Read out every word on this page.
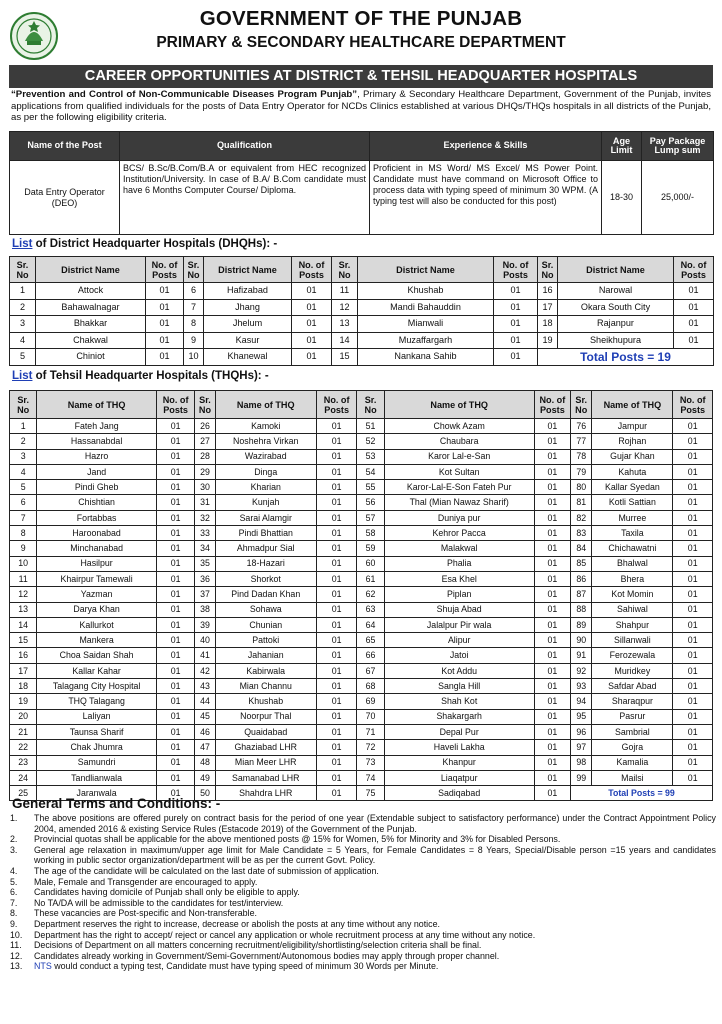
GOVERNMENT OF THE PUNJAB
PRIMARY & SECONDARY HEALTHCARE DEPARTMENT
CAREER OPPORTUNITIES AT DISTRICT & TEHSIL HEADQUARTER HOSPITALS
“Prevention and Control of Non-Communicable Diseases Program Punjab”, Primary & Secondary Healthcare Department, Government of the Punjab, invites applications from qualified individuals for the posts of Data Entry Operator for NCDs Clinics established at various DHQs/THQs hospitals in all districts of the Punjab, as per the following eligibility criteria.
Name of the Post	Qualification	Experience & Skills	Age Limit	Pay Package Lump sum
Data Entry Operator (DEO)	BCS/ B.Sc/B.Com/B.A or equivalent from HEC recognized Institution/University. In case of B.A/ B.Com candidate must have 6 Months Computer Course/ Diploma.	Proficient in MS Word/ MS Excel/ MS Power Point. Candidate must have command on Microsoft Office to process data with typing speed of minimum 30 WPM. (A typing test will also be conducted for this post)	18-30	25,000/-
List of District Headquarter Hospitals (DHQHs): -
Sr. No	District Name	No. of Posts	Sr. No	District Name	No. of Posts	Sr. No	District Name	No. of Posts	Sr. No	District Name	No. of Posts
1	Attock	01	6	Hafizabad	01	11	Khushab	01	16	Narowal	01
2	Bahawalnagar	01	7	Jhang	01	12	Mandi Bahauddin	01	17	Okara South City	01
3	Bhakkar	01	8	Jhelum	01	13	Mianwali	01	18	Rajanpur	01
4	Chakwal	01	9	Kasur	01	14	Muzaffargarh	01	19	Sheikhupura	01
5	Chiniot	01	10	Khanewal	01	15	Nankana Sahib	01	Total Posts = 19		
List of Tehsil Headquarter Hospitals (THQHs): -
Sr. No	Name of THQ	No. of Posts	Sr. No	Name of THQ	No. of Posts	Sr. No	Name of THQ	No. of Posts	Sr. No	Name of THQ	No. of Posts
1	Fateh Jang	01	26	Kamoki	01	51	Chowk Azam	01	76	Jampur	01
2	Hassanabdal	01	27	Noshehra Virkan	01	52	Chaubara	01	77	Rojhan	01
3	Hazro	01	28	Wazirabad	01	53	Karor Lal-e-San	01	78	Gujar Khan	01
4	Jand	01	29	Dinga	01	54	Kot Sultan	01	79	Kahuta	01
5	Pindi Gheb	01	30	Kharian	01	55	Karor-Lal-E-Son Fateh Pur	01	80	Kallar Syedan	01
6	Chishtian	01	31	Kunjah	01	56	Thal (Mian Nawaz Sharif)	01	81	Kotli Sattian	01
7	Fortabbas	01	32	Sarai Alamgir	01	57	Duniya pur	01	82	Murree	01
8	Haroonabad	01	33	Pindi Bhattian	01	58	Kehror Pacca	01	83	Taxila	01
9	Minchanabad	01	34	Ahmadpur Sial	01	59	Malakwal	01	84	Chichawatni	01
10	Hasilpur	01	35	18-Hazari	01	60	Phalia	01	85	Bhalwal	01
11	Khairpur Tamewali	01	36	Shorkot	01	61	Esa Khel	01	86	Bhera	01
12	Yazman	01	37	Pind Dadan Khan	01	62	Piplan	01	87	Kot Momin	01
13	Darya Khan	01	38	Sohawa	01	63	Shuja Abad	01	88	Sahiwal	01
14	Kallurkot	01	39	Chunian	01	64	Jalalpur Pir wala	01	89	Shahpur	01
15	Mankera	01	40	Pattoki	01	65	Alipur	01	90	Sillanwali	01
16	Choa Saidan Shah	01	41	Jahanian	01	66	Jatoi	01	91	Ferozewala	01
17	Kallar Kahar	01	42	Kabirwala	01	67	Kot Addu	01	92	Muridkey	01
18	Talagang City Hospital	01	43	Mian Channu	01	68	Sangla Hill	01	93	Safdar Abad	01
19	THQ Talagang	01	44	Khushab	01	69	Shah Kot	01	94	Sharaqpur	01
20	Laliyan	01	45	Noorpur Thal	01	70	Shakargarh	01	95	Pasrur	01
21	Taunsa Sharif	01	46	Quaidabad	01	71	Depal Pur	01	96	Sambrial	01
22	Chak Jhumra	01	47	Ghaziabad LHR	01	72	Haveli Lakha	01	97	Gojra	01
23	Samundri	01	48	Mian Meer LHR	01	73	Khanpur	01	98	Kamalia	01
24	Tandlianwala	01	49	Samanabad LHR	01	74	Liaqatpur	01	99	Mailsi	01
25	Jaranwala	01	50	Shahdra LHR	01	75	Sadiqabad	01	Total Posts = 99		
General Terms and Conditions: -
1.	The above positions are offered purely on contract basis for the period of one year (Extendable subject to satisfactory performance) under the Contract Appointment Policy 2004, amended 2016 & existing Service Rules (Estacode 2019) of the Government of the Punjab.
2.	Provincial quotas shall be applicable for the above mentioned posts @ 15% for Women, 5% for Minority and 3% for Disabled Persons.
3.	General age relaxation in maximum/upper age limit for Male Candidate = 5 Years, for Female Candidates = 8 Years, Special/Disable person =15 years and candidates working in public sector organization/department will be as per the current Govt. Policy.
4.	The age of the candidate will be calculated on the last date of submission of application.
5.	Male, Female and Transgender are encouraged to apply.
6.	Candidates having domicile of Punjab shall only be eligible to apply.
7.	No TA/DA will be admissible to the candidates for test/interview.
8.	These vacancies are Post-specific and Non-transferable.
9.	Department reserves the right to increase, decrease or abolish the posts at any time without any notice.
10.	Department has the right to accept/ reject or cancel any application or whole recruitment process at any time without any notice.
11.	Decisions of Department on all matters concerning recruitment/eligibility/shortlisting/selection criteria shall be final.
12.	Candidates already working in Government/Semi-Government/Autonomous bodies may apply through proper channel.
13.	NTS would conduct a typing test, Candidate must have typing speed of minimum 30 Words per Minute.
